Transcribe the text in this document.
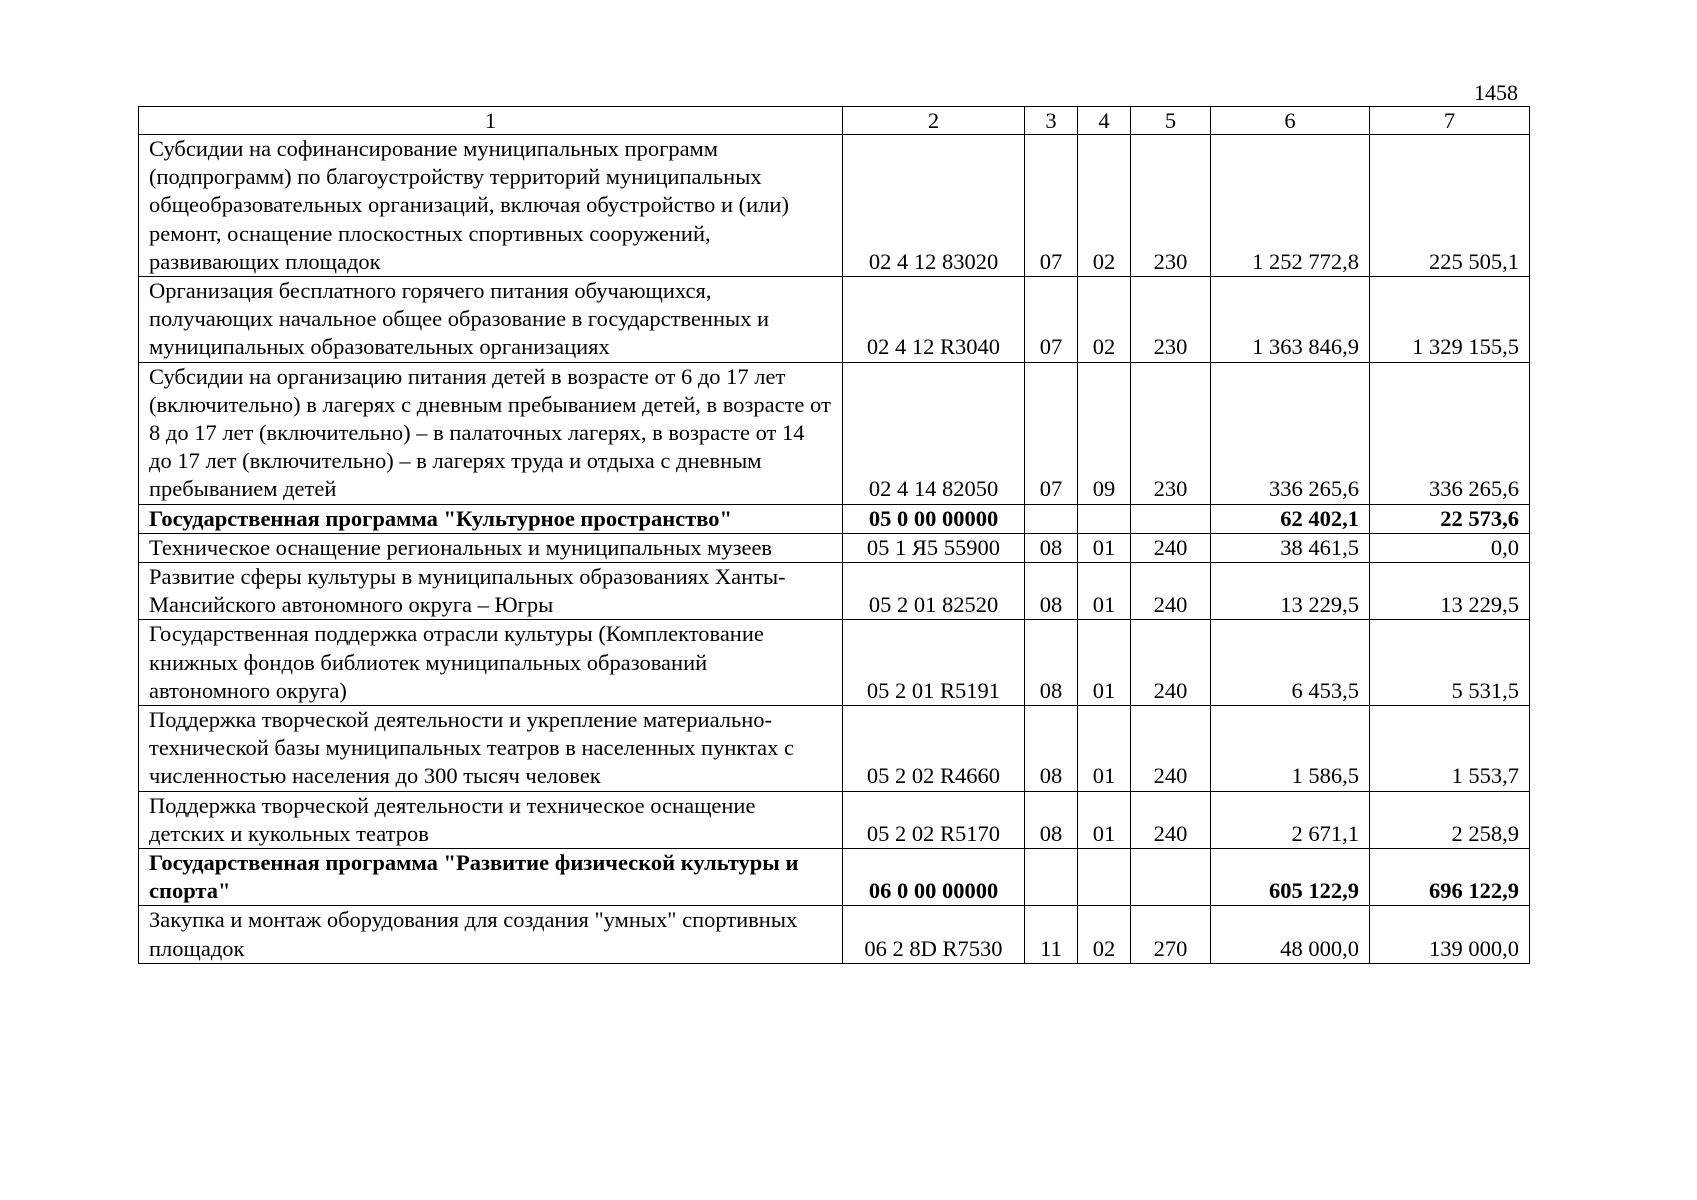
1458
1	2	3	4	5	6	7
Субсидии на софинансирование муниципальных программ (подпрограмм) по благоустройству территорий муниципальных общеобразовательных организаций, включая обустройство и (или) ремонт, оснащение плоскостных спортивных сооружений, развивающих площадок	02 4 12 83020	07	02	230	1 252 772,8	225 505,1
Организация бесплатного горячего питания обучающихся, получающих начальное общее образование в государственных и муниципальных образовательных организациях	02 4 12 R3040	07	02	230	1 363 846,9	1 329 155,5
Субсидии на организацию питания детей в возрасте от 6 до 17 лет (включительно) в лагерях с дневным пребыванием детей, в возрасте от 8 до 17 лет (включительно) – в палаточных лагерях, в возрасте от 14 до 17 лет (включительно) – в лагерях труда и отдыха с дневным пребыванием детей	02 4 14 82050	07	09	230	336 265,6	336 265,6
Государственная программа "Культурное пространство"	05 0 00 00000				62 402,1	22 573,6
Техническое оснащение региональных и муниципальных музеев	05 1 Я5 55900	08	01	240	38 461,5	0,0
Развитие сферы культуры в муниципальных образованиях Ханты-Мансийского автономного округа – Югры	05 2 01 82520	08	01	240	13 229,5	13 229,5
Государственная поддержка отрасли культуры (Комплектование книжных фондов библиотек муниципальных образований автономного округа)	05 2 01 R5191	08	01	240	6 453,5	5 531,5
Поддержка творческой деятельности и укрепление материально-технической базы муниципальных театров в населенных пунктах с численностью населения до 300 тысяч человек	05 2 02 R4660	08	01	240	1 586,5	1 553,7
Поддержка творческой деятельности и техническое оснащение детских и кукольных театров	05 2 02 R5170	08	01	240	2 671,1	2 258,9
Государственная программа "Развитие физической культуры и спорта"	06 0 00 00000				605 122,9	696 122,9
Закупка и монтаж оборудования для создания "умных" спортивных площадок	06 2 8D R7530	11	02	270	48 000,0	139 000,0
